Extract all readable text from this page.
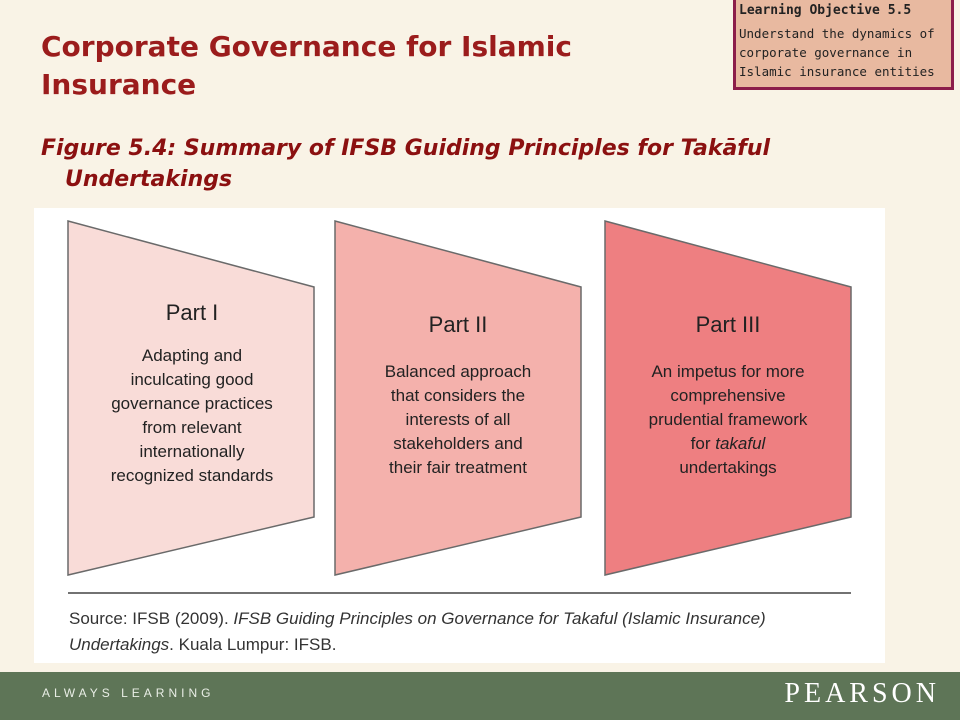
Corporate Governance for Islamic Insurance
Learning Objective 5.5
Understand the dynamics of corporate governance in Islamic insurance entities
Figure 5.4: Summary of IFSB Guiding Principles for Takāful Undertakings
Part I
Adapting and
inculcating good
governance practices
from relevant
internationally
recognized standards
Part II
Balanced approach
that considers the
interests of all
stakeholders and
their fair treatment
Part III
An impetus for more
comprehensive
prudential framework
for takaful
undertakings
Source: IFSB (2009). IFSB Guiding Principles on Governance for Takaful (Islamic Insurance) Undertakings. Kuala Lumpur: IFSB.
ALWAYS LEARNING	PEARSON
